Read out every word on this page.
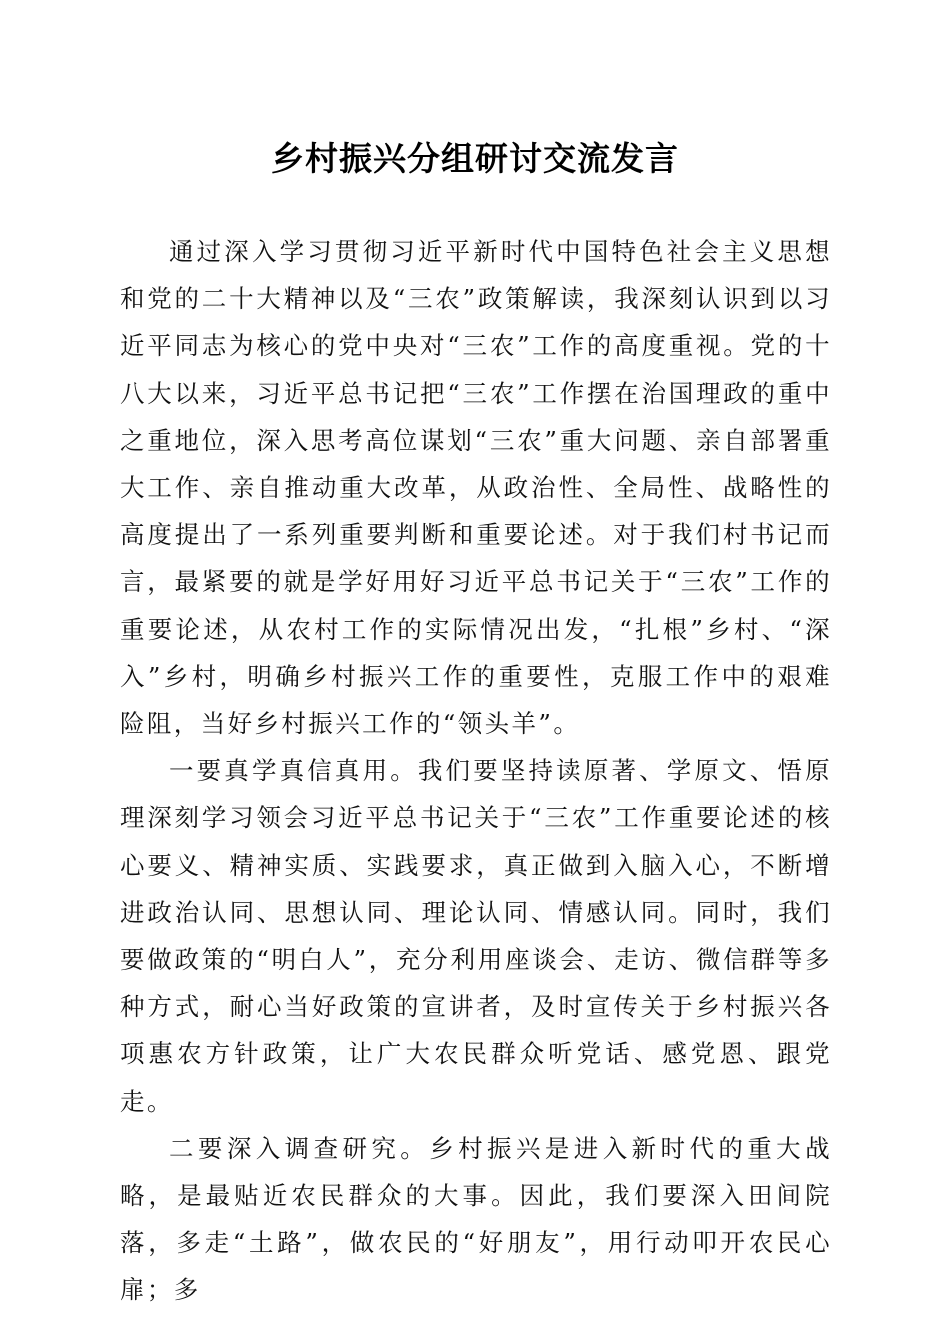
乡村振兴分组研讨交流发言

通过深入学习贯彻习近平新时代中国特色社会主义思想和党的二十大精神以及“三农”政策解读，我深刻认识到以习近平同志为核心的党中央对“三农”工作的高度重视。党的十八大以来，习近平总书记把“三农”工作摆在治国理政的重中之重地位，深入思考高位谋划“三农”重大问题、亲自部署重大工作、亲自推动重大改革，从政治性、全局性、战略性的高度提出了一系列重要判断和重要论述。对于我们村书记而言，最紧要的就是学好用好习近平总书记关于“三农”工作的重要论述，从农村工作的实际情况出发，“扎根”乡村、“深入”乡村，明确乡村振兴工作的重要性，克服工作中的艰难险阻，当好乡村振兴工作的“领头羊”。

一要真学真信真用。我们要坚持读原著、学原文、悟原理深刻学习领会习近平总书记关于“三农”工作重要论述的核心要义、精神实质、实践要求，真正做到入脑入心，不断增进政治认同、思想认同、理论认同、情感认同。同时，我们要做政策的“明白人”，充分利用座谈会、走访、微信群等多种方式，耐心当好政策的宣讲者，及时宣传关于乡村振兴各项惠农方针政策，让广大农民群众听党话、感党恩、跟党走。

二要深入调查研究。乡村振兴是进入新时代的重大战略，是最贴近农民群众的大事。因此，我们要深入田间院落，多走“土路”，做农民的“好朋友”，用行动叩开农民心扉；多
